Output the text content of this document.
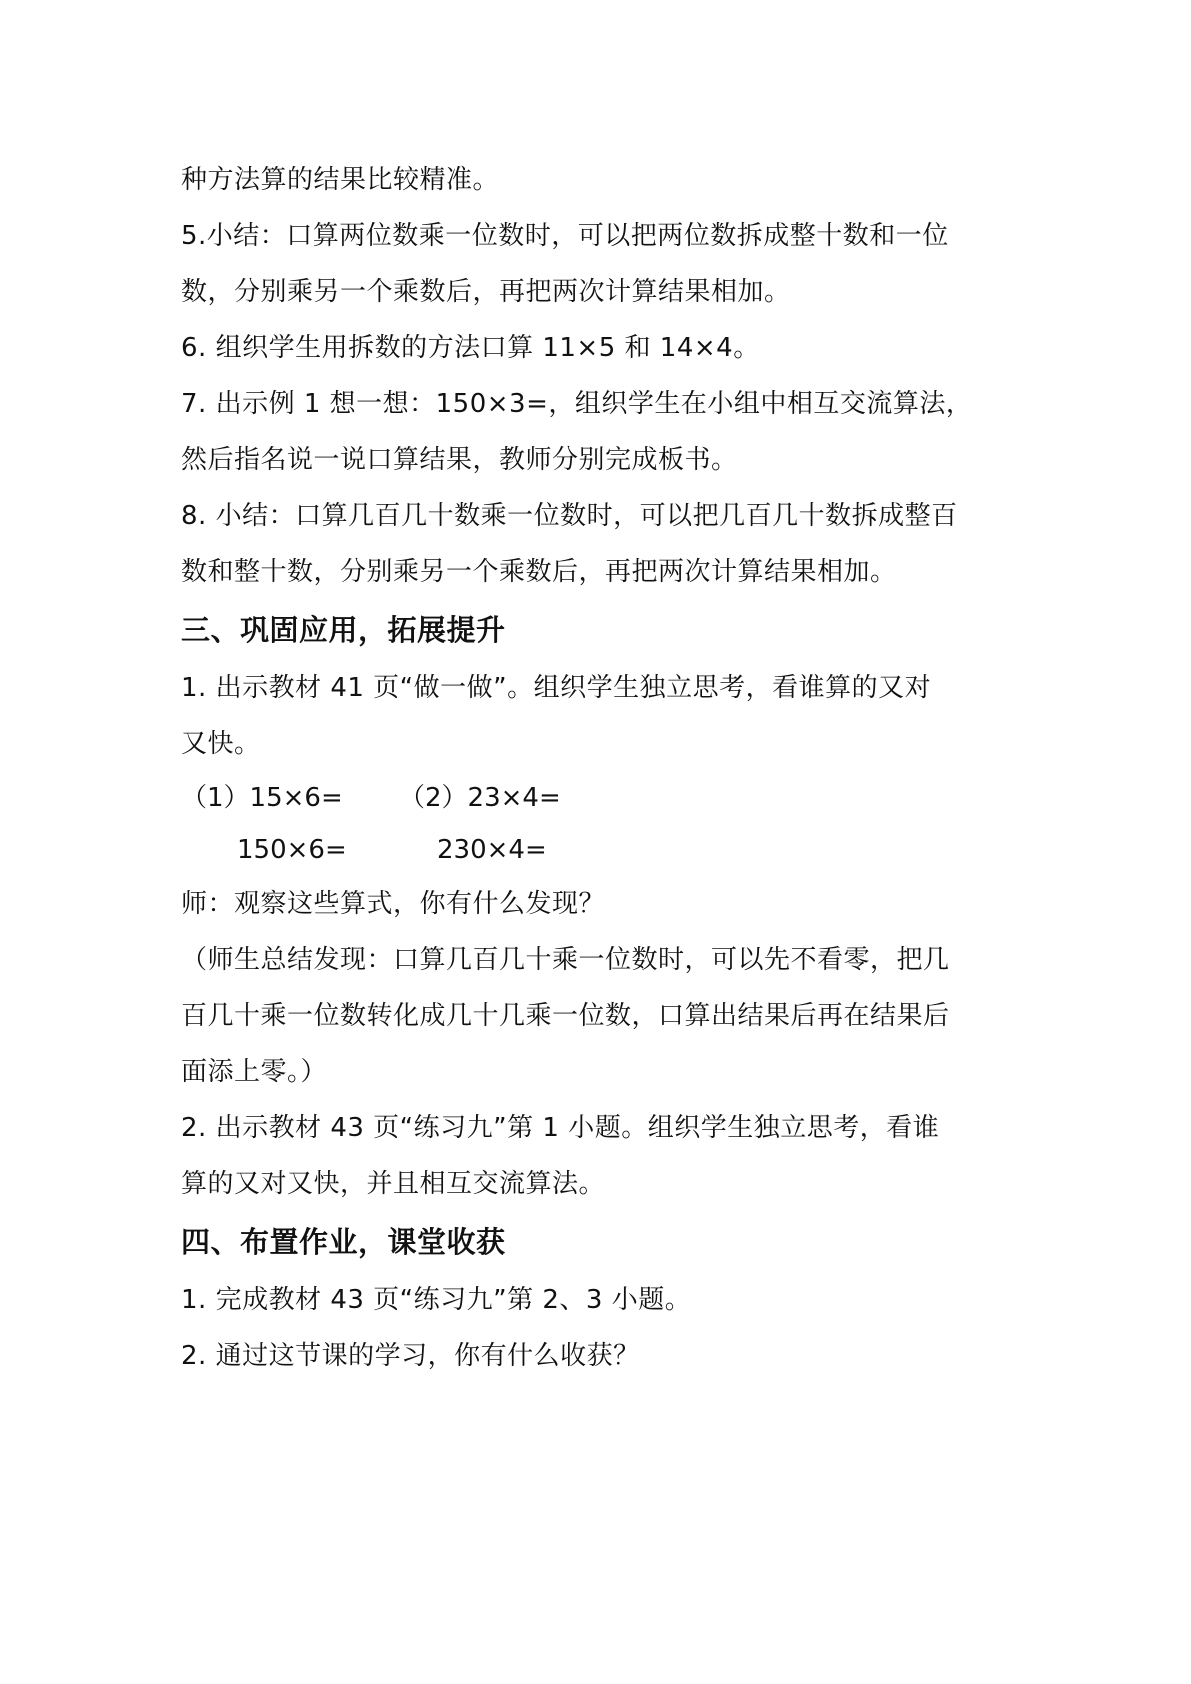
种方法算的结果比较精准。
5.小结：口算两位数乘一位数时，可以把两位数拆成整十数和一位
数，分别乘另一个乘数后，再把两次计算结果相加。
6. 组织学生用拆数的方法口算 11×5 和 14×4。
7. 出示例 1 想一想：150×3=，组织学生在小组中相互交流算法，
然后指名说一说口算结果，教师分别完成板书。
8. 小结：口算几百几十数乘一位数时，可以把几百几十数拆成整百
数和整十数，分别乘另一个乘数后，再把两次计算结果相加。
三、巩固应用，拓展提升
1. 出示教材 41 页“做一做”。组织学生独立思考，看谁算的又对
又快。
（1）15×6= （2）23×4=
150×6=	230×4=
师：观察这些算式，你有什么发现？
（师生总结发现：口算几百几十乘一位数时，可以先不看零，把几
百几十乘一位数转化成几十几乘一位数，口算出结果后再在结果后
面添上零。）
2. 出示教材 43 页“练习九”第 1 小题。组织学生独立思考，看谁
算的又对又快，并且相互交流算法。
四、布置作业，课堂收获
1. 完成教材 43 页“练习九”第 2、3 小题。
2. 通过这节课的学习，你有什么收获？
